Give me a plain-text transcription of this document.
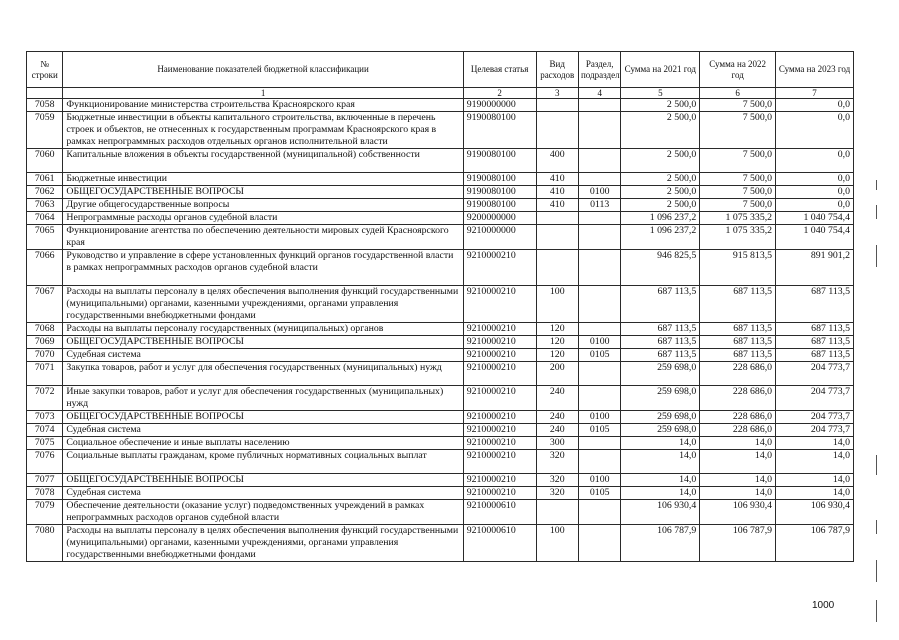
№ строки	Наименование показателей бюджетной классификации	Целевая статья	Вид расходов	Раздел, подраздел	Сумма на 2021 год	Сумма на 2022 год	Сумма на 2023 год
	1	2	3	4	5	6	7
7058	Функционирование министерства строительства Красноярского края	9190000000			2 500,0	7 500,0	0,0
7059	Бюджетные инвестиции в объекты капитального строительства, включенные в перечень строек и объектов, не отнесенных к государственным программам Красноярского края в рамках непрограммных расходов отдельных органов исполнительной власти	9190080100			2 500,0	7 500,0	0,0
7060	Капитальные вложения в объекты государственной (муниципальной) собственности	9190080100	400		2 500,0	7 500,0	0,0
7061	Бюджетные инвестиции	9190080100	410		2 500,0	7 500,0	0,0
7062	ОБЩЕГОСУДАРСТВЕННЫЕ ВОПРОСЫ	9190080100	410	0100	2 500,0	7 500,0	0,0
7063	Другие общегосударственные вопросы	9190080100	410	0113	2 500,0	7 500,0	0,0
7064	Непрограммные расходы органов судебной власти	9200000000			1 096 237,2	1 075 335,2	1 040 754,4
7065	Функционирование агентства по обеспечению деятельности мировых судей Красноярского края	9210000000			1 096 237,2	1 075 335,2	1 040 754,4
7066	Руководство и управление в сфере установленных функций органов государственной власти в рамках непрограммных расходов органов судебной власти	9210000210			946 825,5	915 813,5	891 901,2
7067	Расходы на выплаты персоналу в целях обеспечения выполнения функций государственными (муниципальными) органами, казенными учреждениями, органами управления государственными внебюджетными фондами	9210000210	100		687 113,5	687 113,5	687 113,5
7068	Расходы на выплаты персоналу государственных (муниципальных) органов	9210000210	120		687 113,5	687 113,5	687 113,5
7069	ОБЩЕГОСУДАРСТВЕННЫЕ ВОПРОСЫ	9210000210	120	0100	687 113,5	687 113,5	687 113,5
7070	Судебная система	9210000210	120	0105	687 113,5	687 113,5	687 113,5
7071	Закупка товаров, работ и услуг для обеспечения государственных (муниципальных) нужд	9210000210	200		259 698,0	228 686,0	204 773,7
7072	Иные закупки товаров, работ и услуг для обеспечения государственных (муниципальных) нужд	9210000210	240		259 698,0	228 686,0	204 773,7
7073	ОБЩЕГОСУДАРСТВЕННЫЕ ВОПРОСЫ	9210000210	240	0100	259 698,0	228 686,0	204 773,7
7074	Судебная система	9210000210	240	0105	259 698,0	228 686,0	204 773,7
7075	Социальное обеспечение и иные выплаты населению	9210000210	300		14,0	14,0	14,0
7076	Социальные выплаты гражданам, кроме публичных нормативных социальных выплат	9210000210	320		14,0	14,0	14,0
7077	ОБЩЕГОСУДАРСТВЕННЫЕ ВОПРОСЫ	9210000210	320	0100	14,0	14,0	14,0
7078	Судебная система	9210000210	320	0105	14,0	14,0	14,0
7079	Обеспечение деятельности (оказание услуг) подведомственных учреждений в рамках непрограммных расходов органов судебной власти	9210000610			106 930,4	106 930,4	106 930,4
7080	Расходы на выплаты персоналу в целях обеспечения выполнения функций государственными (муниципальными) органами, казенными учреждениями, органами управления государственными внебюджетными фондами	9210000610	100		106 787,9	106 787,9	106 787,9
1000
